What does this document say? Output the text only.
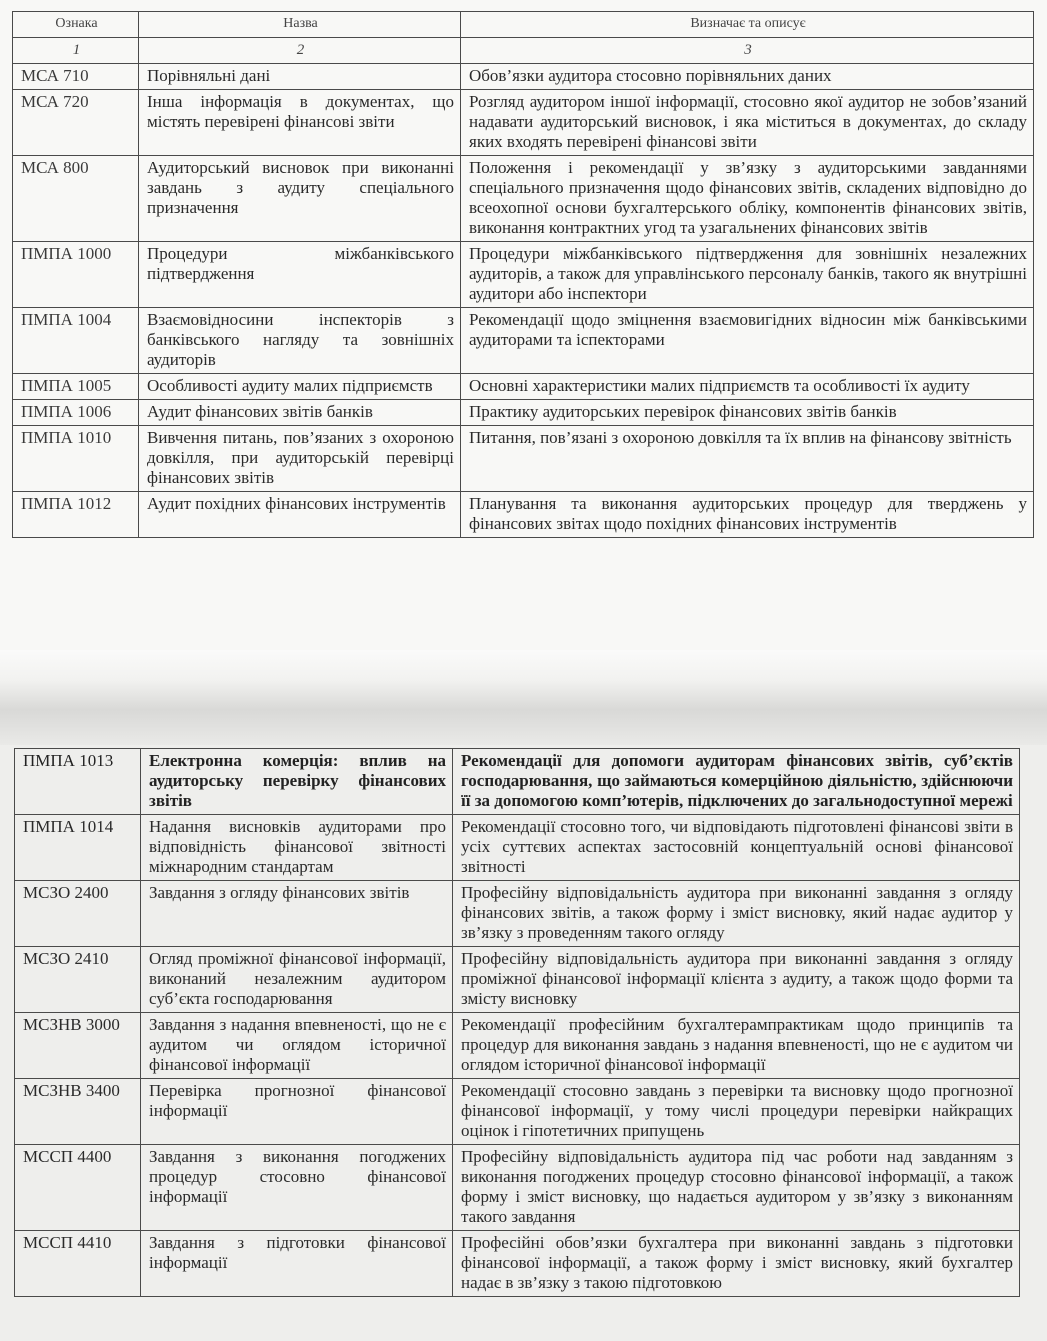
Ознака	Назва	Визначає та описує
1	2	3
МСА 710	Порівняльні дані	Обов’язки аудитора стосовно порівняльних даних
МСА 720	Інша інформація в документах, що містять перевірені фінансові звіти	Розгляд аудитором іншої інформації, стосовно якої аудитор не зобов’язаний надавати аудиторський висновок, і яка міститься в документах, до складу яких входять перевірені фінансові звіти
МСА 800	Аудиторський висновок при виконанні завдань з аудиту спеціального призначення	Положення і рекомендації у зв’язку з аудиторськими завданнями спеціального призначення щодо фінансових звітів, складених відповідно до всеохопної основи бухгалтерського обліку, компонентів фінансових звітів, виконання контрактних угод та узагальнених фінансових звітів
ПМПА 1000	Процедури міжбанківського підтвердження	Процедури міжбанківського підтвердження для зовнішніх незалежних аудиторів, а також для управлінського персоналу банків, такого як внутрішні аудитори або інспектори
ПМПА 1004	Взаємовідносини інспекторів з банківського нагляду та зовнішніх аудиторів	Рекомендації щодо зміцнення взаємовигідних відносин між банківськими аудиторами та іспекторами
ПМПА 1005	Особливості аудиту малих підприємств	Основні характеристики малих підприємств та особливості їх аудиту
ПМПА 1006	Аудит фінансових звітів банків	Практику аудиторських перевірок фінансових звітів банків
ПМПА 1010	Вивчення питань, пов’язаних з охороною довкілля, при аудиторській перевірці фінансових звітів	Питання, пов’язані з охороною довкілля та їх вплив на фінансову звітність
ПМПА 1012	Аудит похідних фінансових інструментів	Планування та виконання аудиторських процедур для тверджень у фінансових звітах щодо похідних фінансових інструментів
ПМПА 1013	Електронна комерція: вплив на аудиторську перевірку фінансових звітів	Рекомендації для допомоги аудиторам фінансових звітів, суб’єктів господарювання, що займаються комерційною діяльністю, здійснюючи її за допомогою комп’ютерів, підключених до загальнодоступної мережі
ПМПА 1014	Надання висновків аудиторами про відповідність фінансової звітності міжнародним стандартам	Рекомендації стосовно того, чи відповідають підготовлені фінансові звіти в усіх суттєвих аспектах застосовній концептуальній основі фінансової звітності
МСЗО 2400	Завдання з огляду фінансових звітів	Професійну відповідальність аудитора при виконанні завдання з огляду фінансових звітів, а також форму і зміст висновку, який надає аудитор у зв’язку з проведенням такого огляду
МСЗО 2410	Огляд проміжної фінансової інформації, виконаний незалежним аудитором суб’єкта господарювання	Професійну відповідальність аудитора при виконанні завдання з огляду проміжної фінансової інформації клієнта з аудиту, а також щодо форми та змісту висновку
МСЗНВ 3000	Завдання з надання впевненості, що не є аудитом чи оглядом історичної фінансової інформації	Рекомендації професійним бухгалтерампрактикам щодо принципів та процедур для виконання завдань з надання впевненості, що не є аудитом чи оглядом історичної фінансової інформації
МСЗНВ 3400	Перевірка прогнозної фінансової інформації	Рекомендації стосовно завдань з перевірки та висновку щодо прогнозної фінансової інформації, у тому числі процедури перевірки найкращих оцінок і гіпотетичних припущень
МССП 4400	Завдання з виконання погоджених процедур стосовно фінансової інформації	Професійну відповідальність аудитора під час роботи над завданням з виконання погоджених процедур стосовно фінансової інформації, а також форму і зміст висновку, що надається аудитором у зв’язку з виконанням такого завдання
МССП 4410	Завдання з підготовки фінансової інформації	Професійні обов’язки бухгалтера при виконанні завдань з підготовки фінансової інформації, а також форму і зміст висновку, який бухгалтер надає в зв’язку з такою підготовкою
